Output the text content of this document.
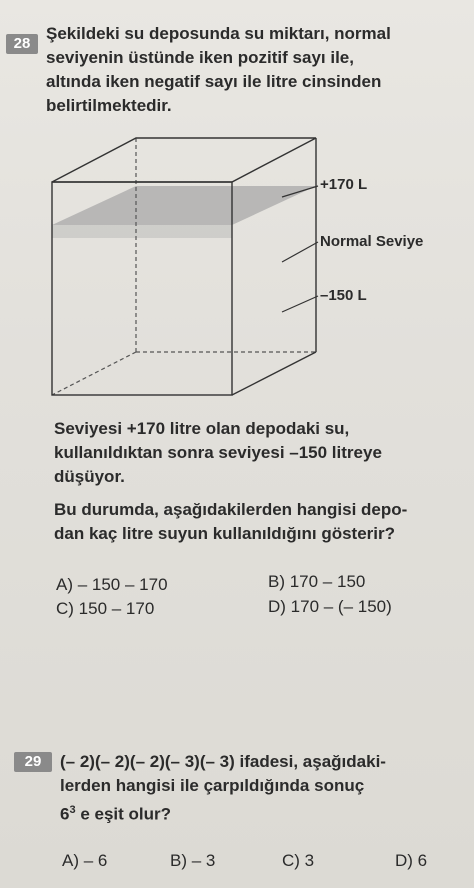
28
Şekildeki su deposunda su miktarı, normal
seviyenin üstünde iken pozitif sayı ile,
altında iken negatif sayı ile litre cinsinden
belirtilmektedir.
+170 L
Normal Seviye
–150 L
Seviyesi +170 litre olan depodaki su,
kullanıldıktan sonra seviyesi –150 litreye
düşüyor.
Bu durumda, aşağıdakilerden hangisi depo-
dan kaç litre suyun kullanıldığını gösterir?
A) – 150 – 170	B) 170 – 150
C) 150 – 170	D) 170 – (– 150)
29	(– 2)(– 2)(– 2)(– 3)(– 3) ifadesi, aşağıdaki-
lerden hangisi ile çarpıldığında sonuç
$6^3$ e eşit olur?
A) – 6	B) – 3	C) 3	D) 6
